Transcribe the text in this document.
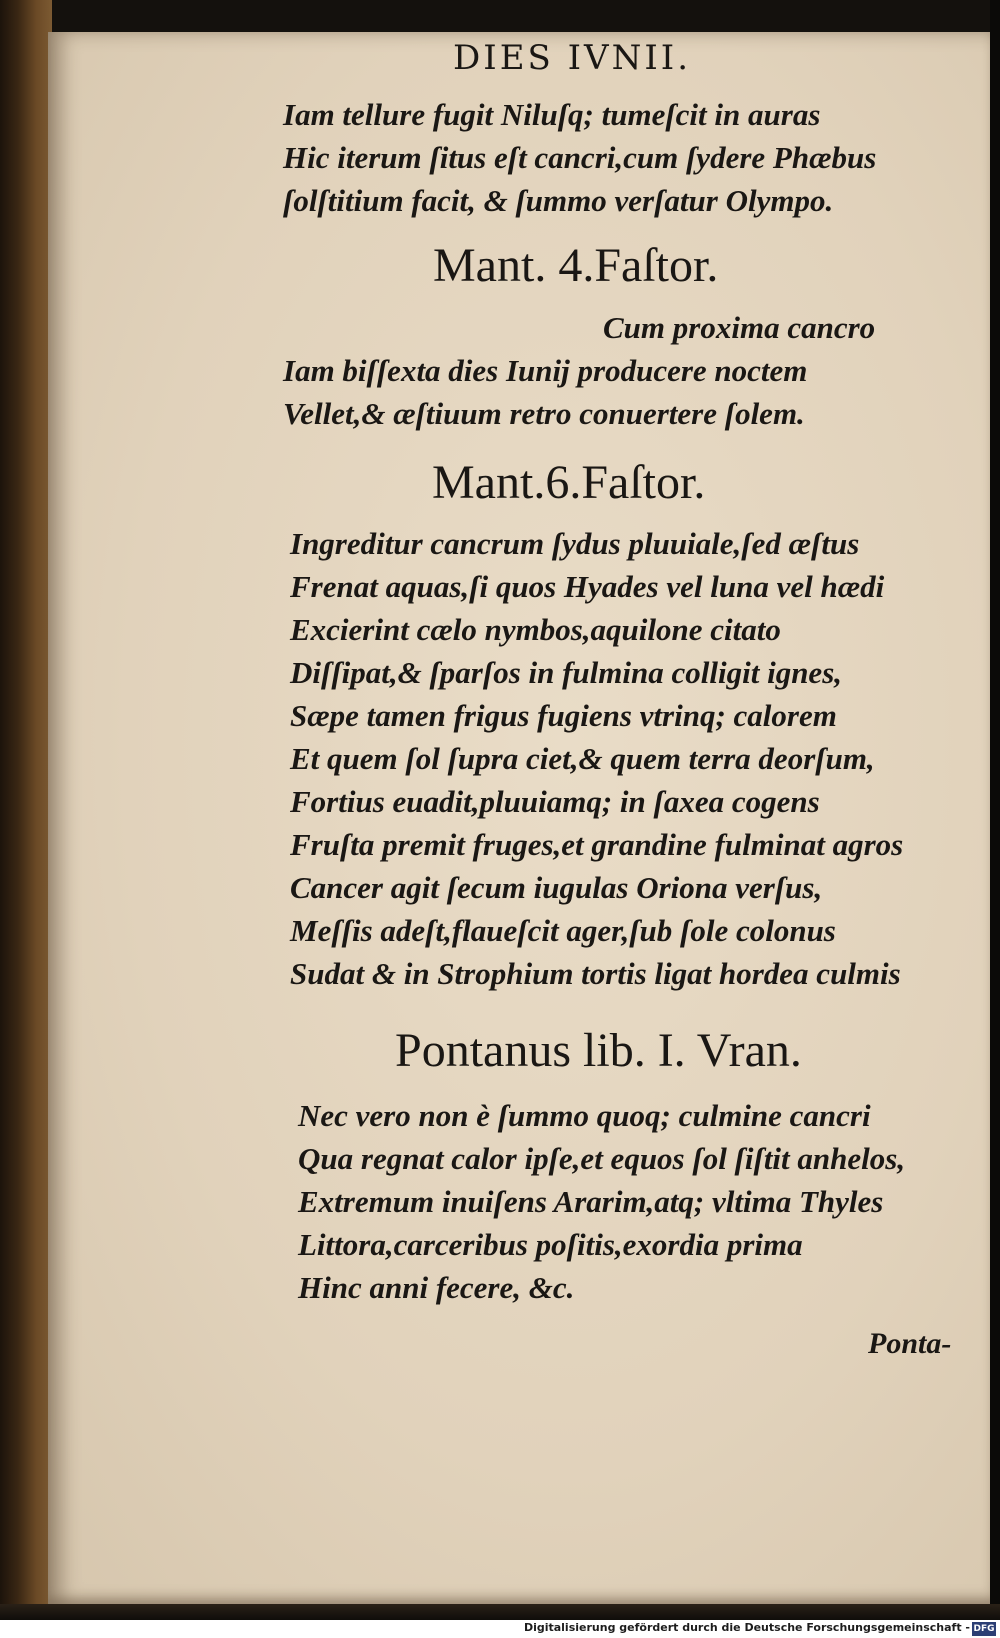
DIES IVNII.
Iam tellure fugit Niluſq; tumeſcit in auras
Hic iterum ſitus eſt cancri,cum ſydere Phæbus
ſolſtitium facit, & ſummo verſatur Olympo.
Mant. 4.Faſtor.
Cum proxima cancro
Iam biſſexta dies Iunij producere noctem
Vellet,& æſtiuum retro conuertere ſolem.
Mant.6.Faſtor.
Ingreditur cancrum ſydus pluuiale,ſed æſtus
Frenat aquas,ſi quos Hyades vel luna vel hædi
Excierint cælo nymbos,aquilone citato
Diſſipat,& ſparſos in fulmina colligit ignes,
Sæpe tamen frigus fugiens vtrinq; calorem
Et quem ſol ſupra ciet,& quem terra deorſum,
Fortius euadit,pluuiamq; in ſaxea cogens
Fruſta premit fruges,et grandine fulminat agros
Cancer agit ſecum iugulas Oriona verſus,
Meſſis adeſt,flaueſcit ager,ſub ſole colonus
Sudat & in Strophium tortis ligat hordea culmis
Pontanus lib. I. Vran.
Nec vero non è ſummo quoq; culmine cancri
Qua regnat calor ipſe,et equos ſol ſiſtit anhelos,
Extremum inuiſens Ararim,atq; vltima Thyles
Littora,carceribus poſitis,exordia prima
Hinc anni fecere, &c.
Ponta-
Digitalisierung gefördert durch die Deutsche Forschungsgemeinschaft - DFG
